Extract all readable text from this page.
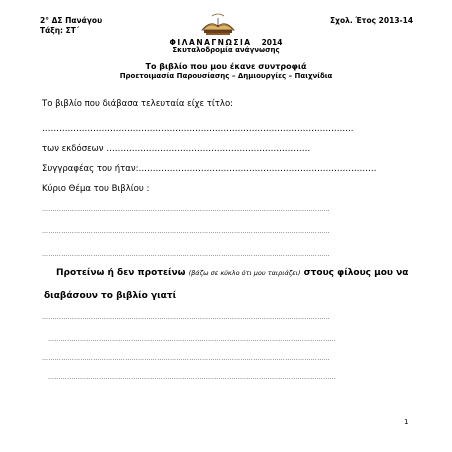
2° ΔΣ Πανάγου
Τάξη: ΣΤ΄
Σχολ. Έτος 2013-14
ΦΙΛΑΝΑΓΝΩΣΙΑ 2014
Σκυταλοδρομία ανάγνωσης
Το βιβλίο που μου έκανε συντροφιά
Προετοιμασία Παρουσίασης – Δημιουργίες – Παιχνίδια
Το βιβλίο που διάβασα τελευταία είχε τίτλο:
………………………………………………………………………………………………..
των εκδόσεων ………………………………………………………………
Συγγραφέας του ήταν:…………………………………………………………………………
Κύριο Θέμα του Βιβλίου :
………………………………………………………………………………………………………………………
………………………………………………………………………………………………………………………
………………………………………………………………………………………………………………………
Προτείνω ή δεν προτείνω (βάζω σε κύκλο ότι μου ταιριάζει) στους φίλους μου να
διαβάσουν το βιβλίο γιατί
………………………………………………………………………………………………………………………
………………………………………………………………………………………………………………………
………………………………………………………………………………………………………………………
………………………………………………………………………………………………………………………
1
